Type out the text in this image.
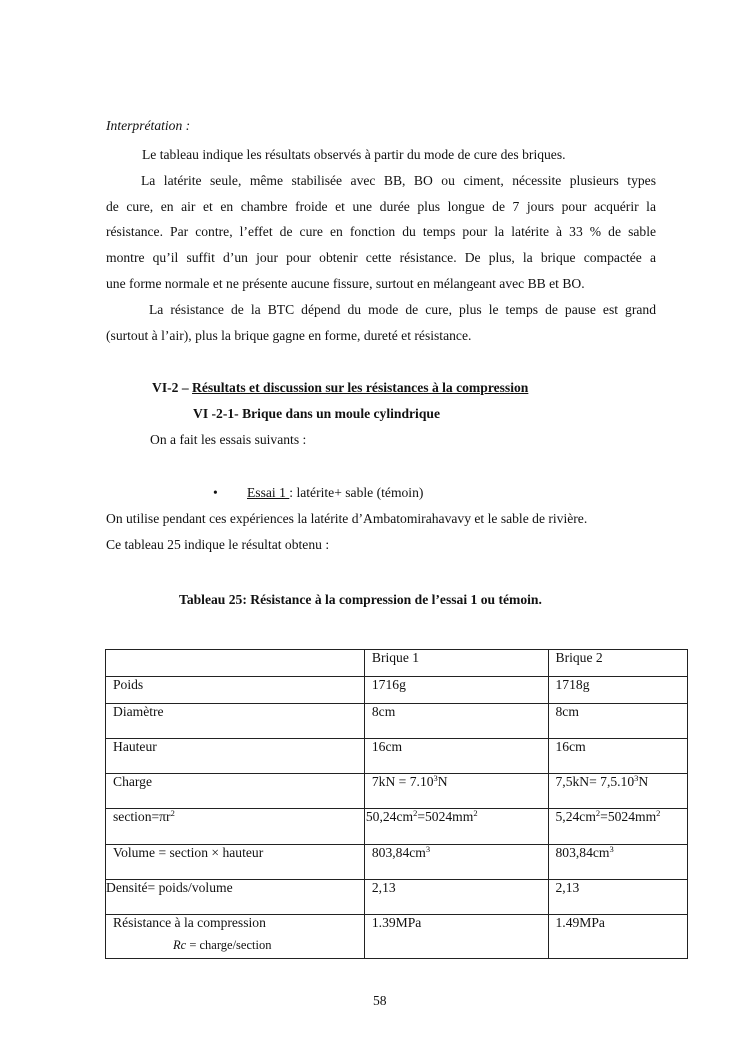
Interprétation :
Le tableau indique les résultats observés à partir du mode de cure des briques.
La latérite seule, même stabilisée avec BB, BO ou ciment, nécessite plusieurs types
de cure, en air et en chambre froide et une durée plus longue de 7 jours pour acquérir la
résistance. Par contre, l’effet de cure en fonction du temps pour la latérite à 33 % de sable
montre qu’il suffit d’un jour pour obtenir cette résistance. De plus, la brique compactée a
une forme normale et ne présente aucune fissure, surtout en mélangeant avec BB et BO.
La résistance de la BTC dépend du mode de cure, plus le temps de pause est grand
(surtout à l’air), plus la brique gagne en forme, dureté et résistance.
VI-2 – Résultats et discussion sur les résistances à la compression
VI -2-1- Brique dans un moule cylindrique
On a fait les essais suivants :
• Essai 1 : latérite+ sable (témoin)
On utilise pendant ces expériences la latérite d’Ambatomirahavavy et le sable de rivière.
Ce tableau 25 indique le résultat obtenu :
Tableau 25: Résistance à la compression de l’essai 1 ou témoin.
	Brique 1	Brique 2
Poids	1716g	1718g
Diamètre	8cm	8cm
Hauteur	16cm	16cm
Charge	$7kN = 7.10^3N$	$7,5kN= 7,5.10^3N$
$section=\pi r^2$	$50,24cm^2=5024mm^2$	$5,24cm^2=5024mm^2$
Volume = section × hauteur	$803,84cm^3$	$803,84cm^3$
Densité= poids/volume	2,13	2,13
Résistance à la compression
Rc = charge/section	1.39MPa	1.49MPa
58
